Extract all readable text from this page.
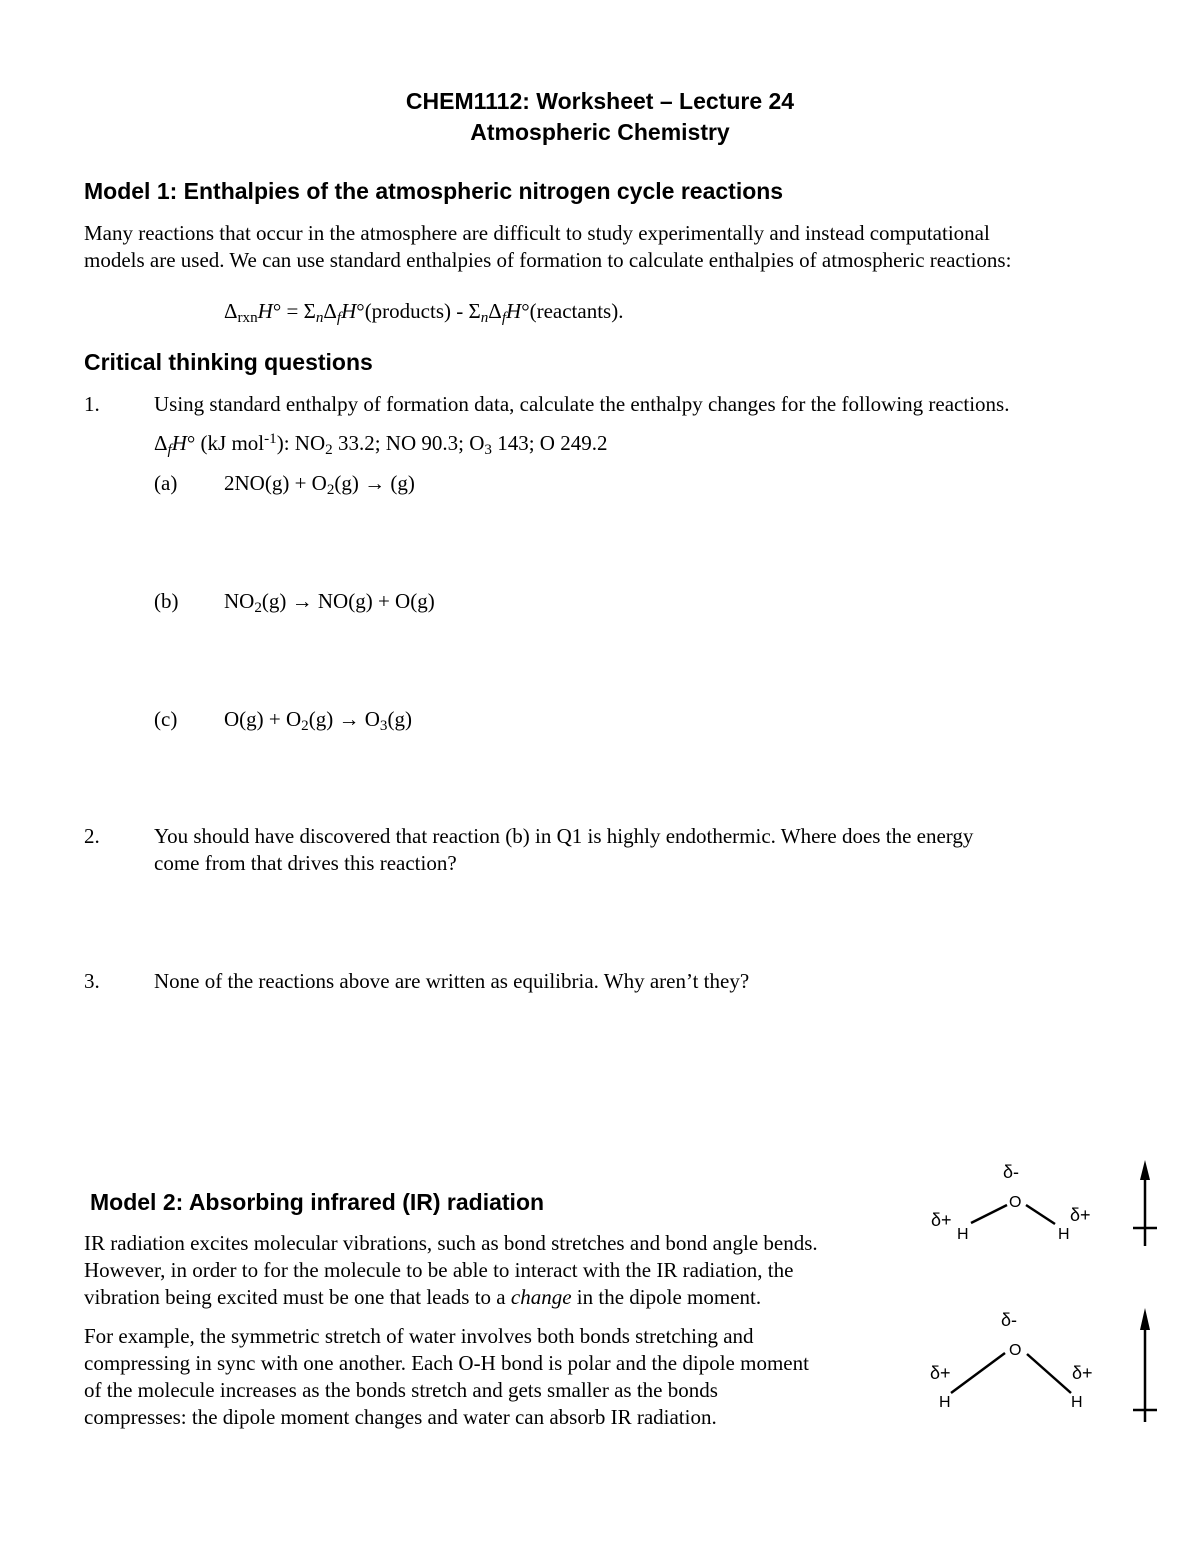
CHEM1112: Worksheet – Lecture 24
Atmospheric Chemistry
Model 1: Enthalpies of the atmospheric nitrogen cycle reactions
Many reactions that occur in the atmosphere are difficult to study experimentally and instead computational
models are used. We can use standard enthalpies of formation to calculate enthalpies of atmospheric reactions:
$\Delta_{rxn}H^\circ$ = $\Sigma_n\Delta_fH^\circ(products)$ - $\Sigma_n\Delta_fH^\circ(reactants)$.
Critical thinking questions
1.	Using standard enthalpy of formation data, calculate the enthalpy changes for the following reactions.
$\Delta_fH^\circ$ (kJ mol$^{-1}$): $NO_2$ 33.2; NO 90.3; $O_3$ 143; O 249.2
(a) $2NO(g) + O_2(g) \to (g)$
(b) $NO_2(g) \to NO(g) + O(g)$
(c) $O(g) + O_2(g) \to O_3(g)$
2.	You should have discovered that reaction (b) in Q1 is highly endothermic. Where does the energy
come from that drives this reaction?
3.	None of the reactions above are written as equilibria. Why aren’t they?
Model 2: Absorbing infrared (IR) radiation
IR radiation excites molecular vibrations, such as bond stretches and bond angle bends.
However, in order to for the molecule to be able to interact with the IR radiation, the
vibration being excited must be one that leads to a change in the dipole moment.
For example, the symmetric stretch of water involves both bonds stretching and
compressing in sync with one another. Each O-H bond is polar and the dipole moment
of the molecule increases as the bonds stretch and gets smaller as the bonds
compresses: the dipole moment changes and water can absorb IR radiation.
δ-
O
δ+
H
δ+
H
δ-
O
δ+
H
δ+
H
